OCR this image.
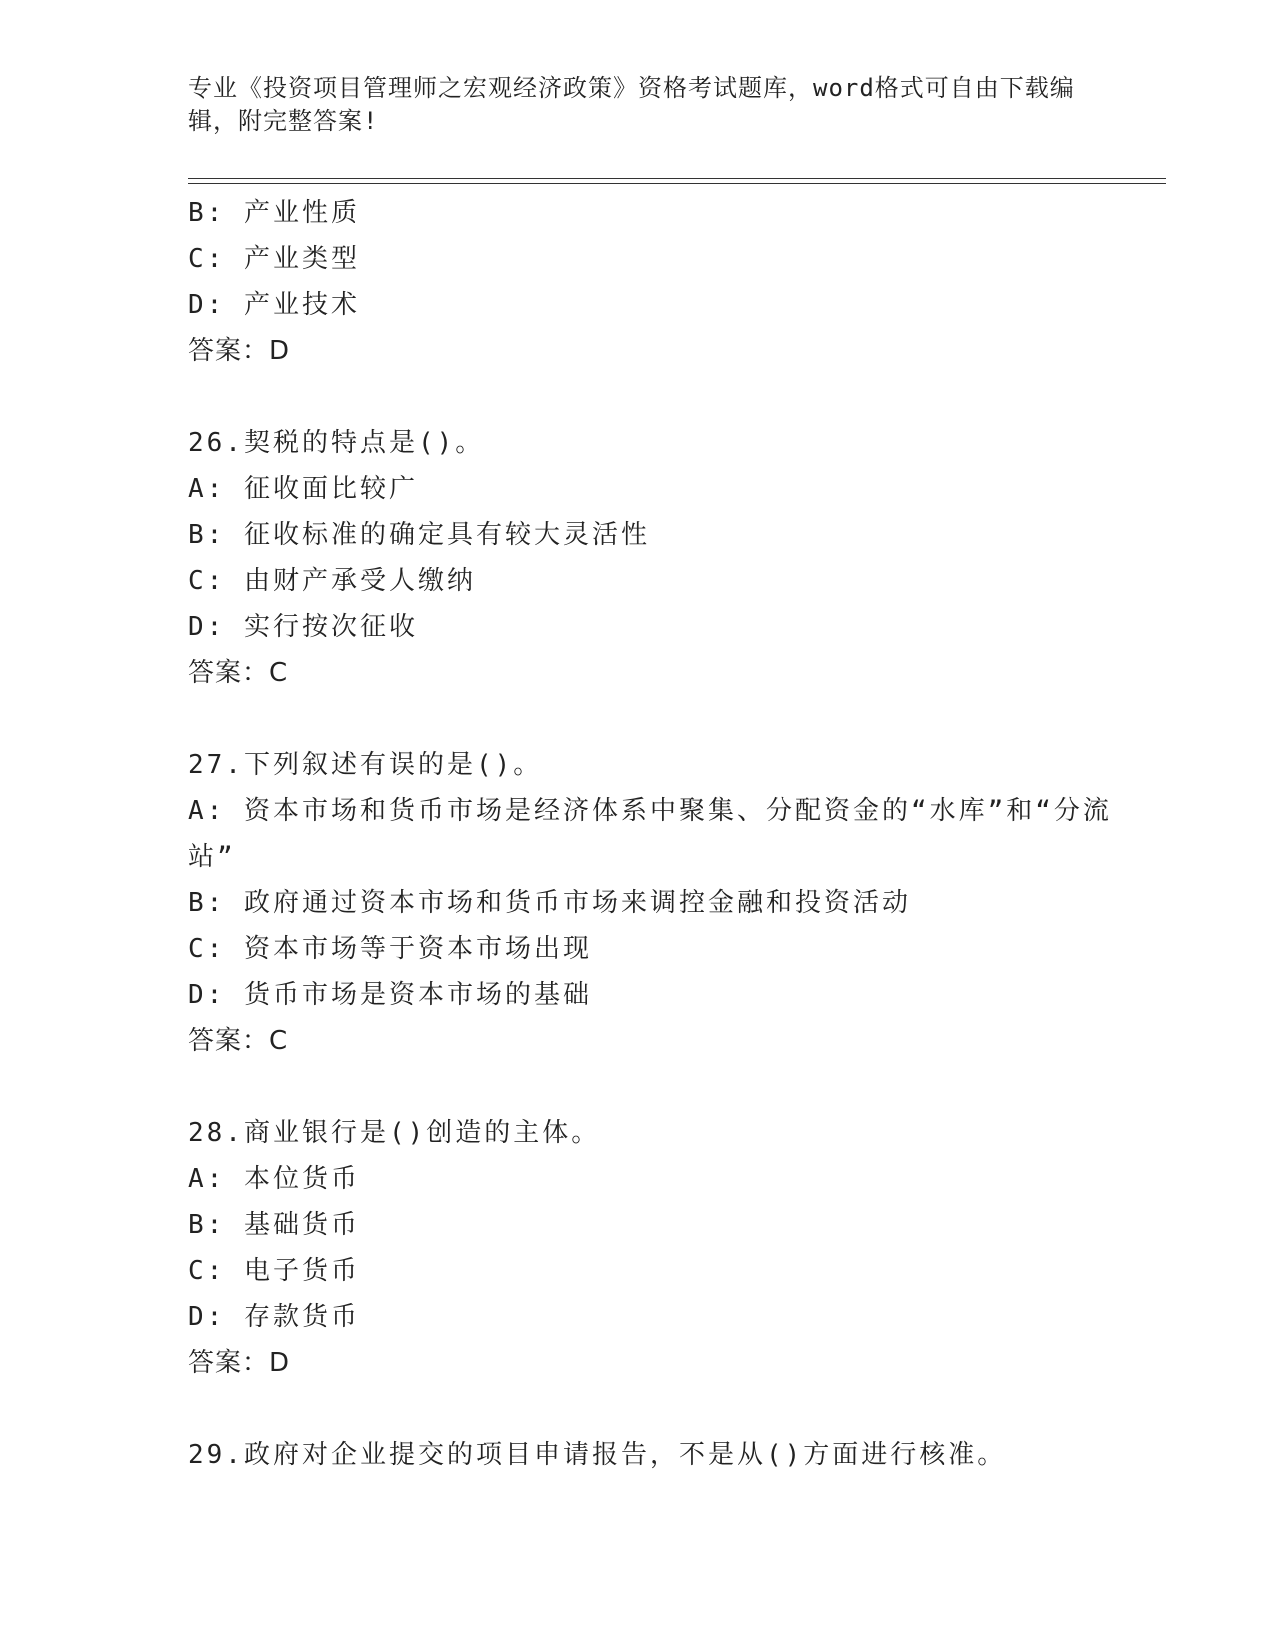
专业《投资项目管理师之宏观经济政策》资格考试题库，word格式可自由下载编辑，附完整答案!
B: 产业性质
C: 产业类型
D: 产业技术
答案：D
26.契税的特点是()。
A: 征收面比较广
B: 征收标准的确定具有较大灵活性
C: 由财产承受人缴纳
D: 实行按次征收
答案：C
27.下列叙述有误的是()。
A: 资本市场和货币市场是经济体系中聚集、分配资金的“水库”和“分流站”
B: 政府通过资本市场和货币市场来调控金融和投资活动
C: 资本市场等于资本市场出现
D: 货币市场是资本市场的基础
答案：C
28.商业银行是()创造的主体。
A: 本位货币
B: 基础货币
C: 电子货币
D: 存款货币
答案：D
29.政府对企业提交的项目申请报告，不是从()方面进行核准。
